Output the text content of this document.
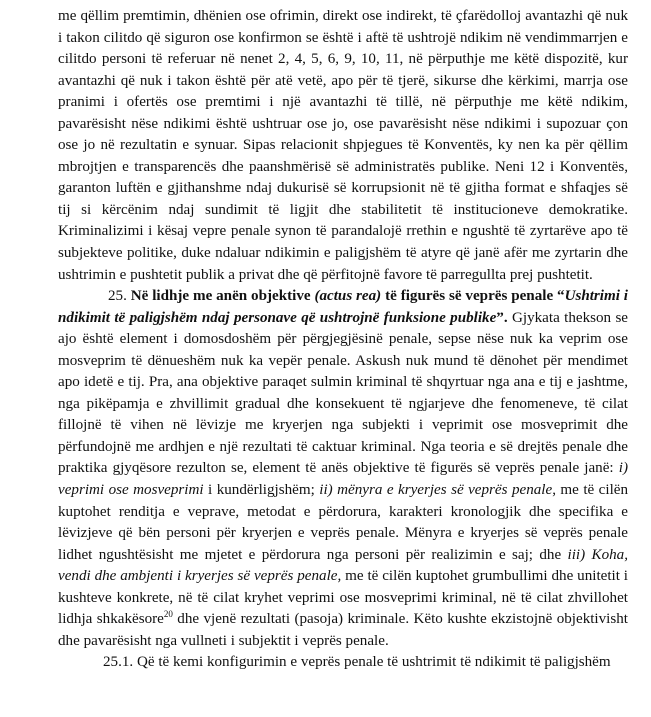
me qëllim premtimin, dhënien ose ofrimin, direkt ose indirekt, të çfarëdolloj avantazhi që nuk i takon cilitdo që siguron ose konfirmon se është i aftë të ushtrojë ndikim në vendimmarrjen e cilitdo personi të referuar në nenet 2, 4, 5, 6, 9, 10, 11, në përputhje me këtë dispozitë, kur avantazhi që nuk i takon është për atë vetë, apo për të tjerë, sikurse dhe kërkimi, marrja ose pranimi i ofertës ose premtimi i një avantazhi të tillë, në përputhje me këtë ndikim, pavarësisht nëse ndikimi është ushtruar ose jo, ose pavarësisht nëse ndikimi i supozuar çon ose jo në rezultatin e synuar. Sipas relacionit shpjegues të Konventës, ky nen ka për qëllim mbrojtjen e transparencës dhe paanshmërisë së administratës publike. Neni 12 i Konventës, garanton luftën e gjithanshme ndaj dukurisë së korrupsionit në të gjitha format e shfaqjes së tij si kërcënim ndaj sundimit të ligjit dhe stabilitetit të institucioneve demokratike. Kriminalizimi i kësaj vepre penale synon të parandalojë rrethin e ngushtë të zyrtarëve apo të subjekteve politike, duke ndaluar ndikimin e paligjshëm të atyre që janë afër me zyrtarin dhe ushtrimin e pushtetit publik a privat dhe që përfitojnë favore të parregullta prej pushtetit.

25. Në lidhje me anën objektive (actus rea) të figurës së veprës penale “Ushtrimi i ndikimit të paligjshëm ndaj personave që ushtrojnë funksione publike”. Gjykata thekson se ajo është element i domosdoshëm për përgjegjësinë penale, sepse nëse nuk ka veprim ose mosveprim të dënueshëm nuk ka vepër penale. Askush nuk mund të dënohet për mendimet apo idetë e tij. Pra, ana objektive paraqet sulmin kriminal të shqyrtuar nga ana e tij e jashtme, nga pikëpamja e zhvillimit gradual dhe konsekuent të ngjarjeve dhe fenomeneve, të cilat fillojnë të vihen në lëvizje me kryerjen nga subjekti i veprimit ose mosveprimit dhe përfundojnë me ardhjen e një rezultati të caktuar kriminal. Nga teoria e së drejtës penale dhe praktika gjyqësore rezulton se, element të anës objektive të figurës së veprës penale janë: i) veprimi ose mosveprimi i kundërligjshëm; ii) mënyra e kryerjes së veprës penale, me të cilën kuptohet renditja e veprave, metodat e përdorura, karakteri kronologjik dhe specifika e lëvizjeve që bën personi për kryerjen e veprës penale. Mënyra e kryerjes së veprës penale lidhet ngushtësisht me mjetet e përdorura nga personi për realizimin e saj; dhe iii) Koha, vendi dhe ambjenti i kryerjes së veprës penale, me të cilën kuptohet grumbullimi dhe unitetit i kushteve konkrete, në të cilat kryhet veprimi ose mosveprimi kriminal, në të cilat zhvillohet lidhja shkakësore$^{20}$ dhe vjenë rezultati (pasoja) kriminale. Këto kushte ekzistojnë objektivisht dhe pavarësisht nga vullneti i subjektit i veprës penale.

25.1. Që të kemi konfigurimin e veprës penale të ushtrimit të ndikimit të paligjshëm
